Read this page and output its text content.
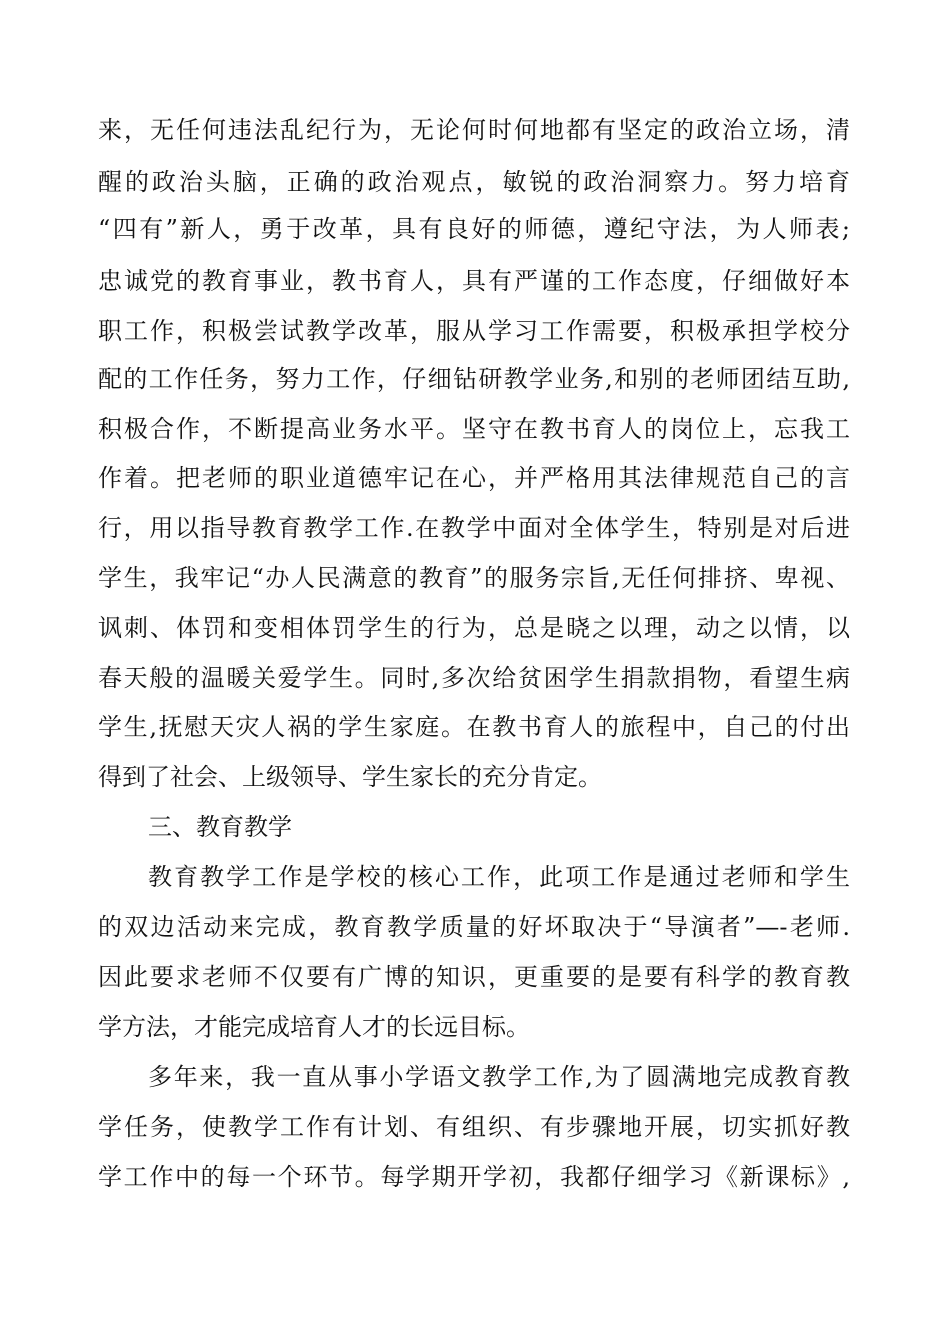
来，无任何违法乱纪行为，无论何时何地都有坚定的政治立场，清
醒的政治头脑，正确的政治观点，敏锐的政治洞察力。努力培育
“四有”新人，勇于改革，具有良好的师德，遵纪守法，为人师表;
忠诚党的教育事业，教书育人，具有严谨的工作态度，仔细做好本
职工作，积极尝试教学改革，服从学习工作需要，积极承担学校分
配的工作任务，努力工作，仔细钻研教学业务,和别的老师团结互助,
积极合作，不断提高业务水平。坚守在教书育人的岗位上，忘我工
作着。把老师的职业道德牢记在心，并严格用其法律规范自己的言
行，用以指导教育教学工作.在教学中面对全体学生，特别是对后进
学生，我牢记“办人民满意的教育”的服务宗旨,无任何排挤、卑视、
讽刺、体罚和变相体罚学生的行为，总是晓之以理，动之以情，以
春天般的温暖关爱学生。同时,多次给贫困学生捐款捐物，看望生病
学生,抚慰天灾人祸的学生家庭。在教书育人的旅程中，自己的付出
得到了社会、上级领导、学生家长的充分肯定。
三、教育教学
教育教学工作是学校的核心工作，此项工作是通过老师和学生
的双边活动来完成，教育教学质量的好坏取决于“导演者”—-老师.
因此要求老师不仅要有广博的知识，更重要的是要有科学的教育教
学方法，才能完成培育人才的长远目标。
多年来，我一直从事小学语文教学工作,为了圆满地完成教育教
学任务，使教学工作有计划、有组织、有步骤地开展，切实抓好教
学工作中的每一个环节。每学期开学初，我都仔细学习《新课标》,
